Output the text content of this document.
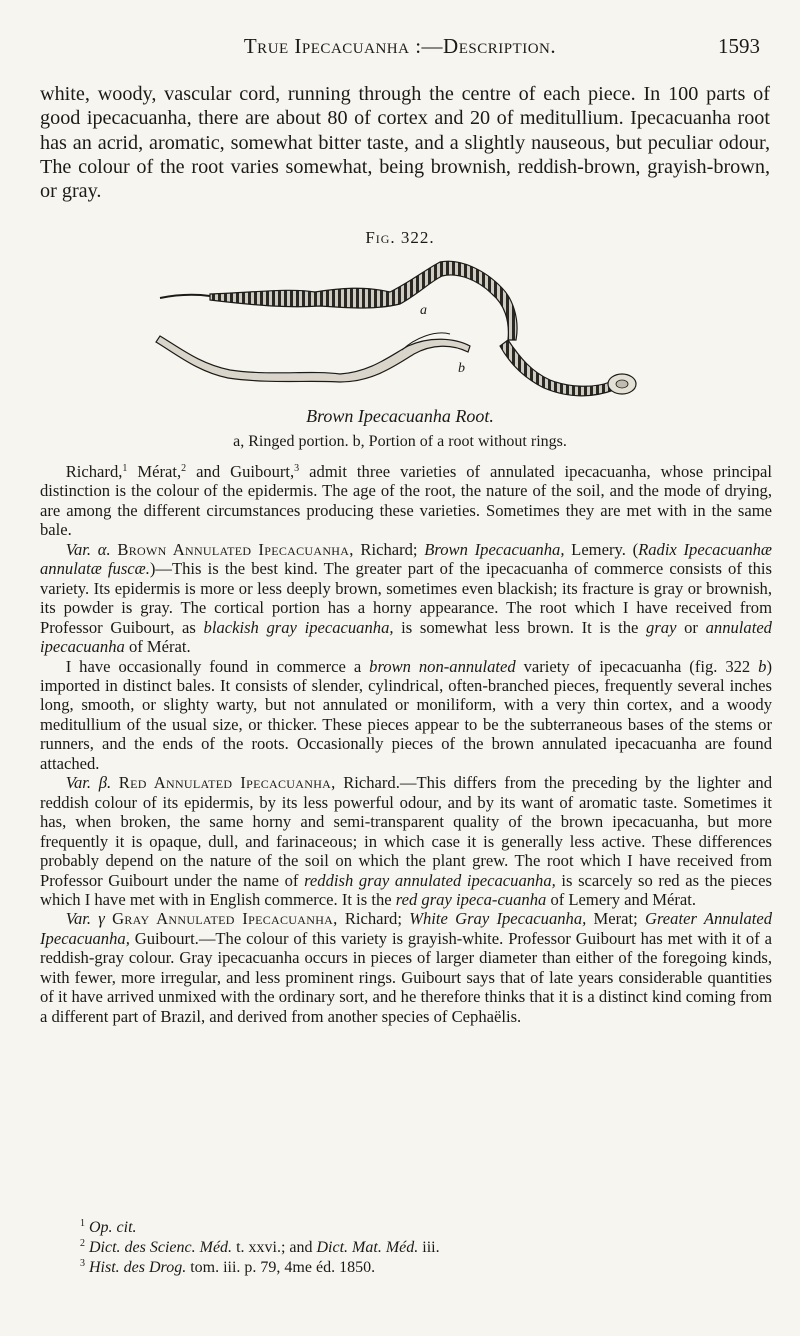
True Ipecacuanha :—Description.	1593

white, woody, vascular cord, running through the centre of each piece. In 100 parts of good ipecacuanha, there are about 80 of cortex and 20 of meditullium. Ipecacuanha root has an acrid, aromatic, somewhat bitter taste, and a slightly nauseous, but peculiar odour, The colour of the root varies somewhat, being brownish, reddish-brown, grayish-brown, or gray.

Fig. 322.
a
b
Brown Ipecacuanha Root.
a, Ringed portion. b, Portion of a root without rings.

Richard,$^1$ Mérat,$^2$ and Guibourt,$^3$ admit three varieties of annulated ipecacuanha, whose principal distinction is the colour of the epidermis. The age of the root, the nature of the soil, and the mode of drying, are among the different circumstances producing these varieties. Sometimes they are met with in the same bale.

Var. α. Brown Annulated Ipecacuanha, Richard; Brown Ipecacuanha, Lemery. (Radix Ipecacuanhæ annulatæ fuscæ.)—This is the best kind. The greater part of the ipecacuanha of commerce consists of this variety. Its epidermis is more or less deeply brown, sometimes even blackish; its fracture is gray or brownish, its powder is gray. The cortical portion has a horny appearance. The root which I have received from Professor Guibourt, as blackish gray ipecacuanha, is somewhat less brown. It is the gray or annulated ipecacuanha of Mérat.

I have occasionally found in commerce a brown non-annulated variety of ipecacuanha (fig. 322 b) imported in distinct bales. It consists of slender, cylindrical, often-branched pieces, frequently several inches long, smooth, or slighty warty, but not annulated or moniliform, with a very thin cortex, and a woody meditullium of the usual size, or thicker. These pieces appear to be the subterraneous bases of the stems or runners, and the ends of the roots. Occasionally pieces of the brown annulated ipecacuanha are found attached.

Var. β. Red Annulated Ipecacuanha, Richard.—This differs from the preceding by the lighter and reddish colour of its epidermis, by its less powerful odour, and by its want of aromatic taste. Sometimes it has, when broken, the same horny and semi-transparent quality of the brown ipecacuanha, but more frequently it is opaque, dull, and farinaceous; in which case it is generally less active. These differences probably depend on the nature of the soil on which the plant grew. The root which I have received from Professor Guibourt under the name of reddish gray annulated ipecacuanha, is scarcely so red as the pieces which I have met with in English commerce. It is the red gray ipeca-cuanha of Lemery and Mérat.

Var. γ Gray Annulated Ipecacuanha, Richard; White Gray Ipecacuanha, Merat; Greater Annulated Ipecacuanha, Guibourt.—The colour of this variety is grayish-white. Professor Guibourt has met with it of a reddish-gray colour. Gray ipecacuanha occurs in pieces of larger diameter than either of the foregoing kinds, with fewer, more irregular, and less prominent rings. Guibourt says that of late years considerable quantities of it have arrived unmixed with the ordinary sort, and he therefore thinks that it is a distinct kind coming from a different part of Brazil, and derived from another species of Cephaëlis.

$^1$ Op. cit.
$^2$ Dict. des Scienc. Méd. t. xxvi.; and Dict. Mat. Méd. iii.
$^3$ Hist. des Drog. tom. iii. p. 79, 4me éd. 1850.
